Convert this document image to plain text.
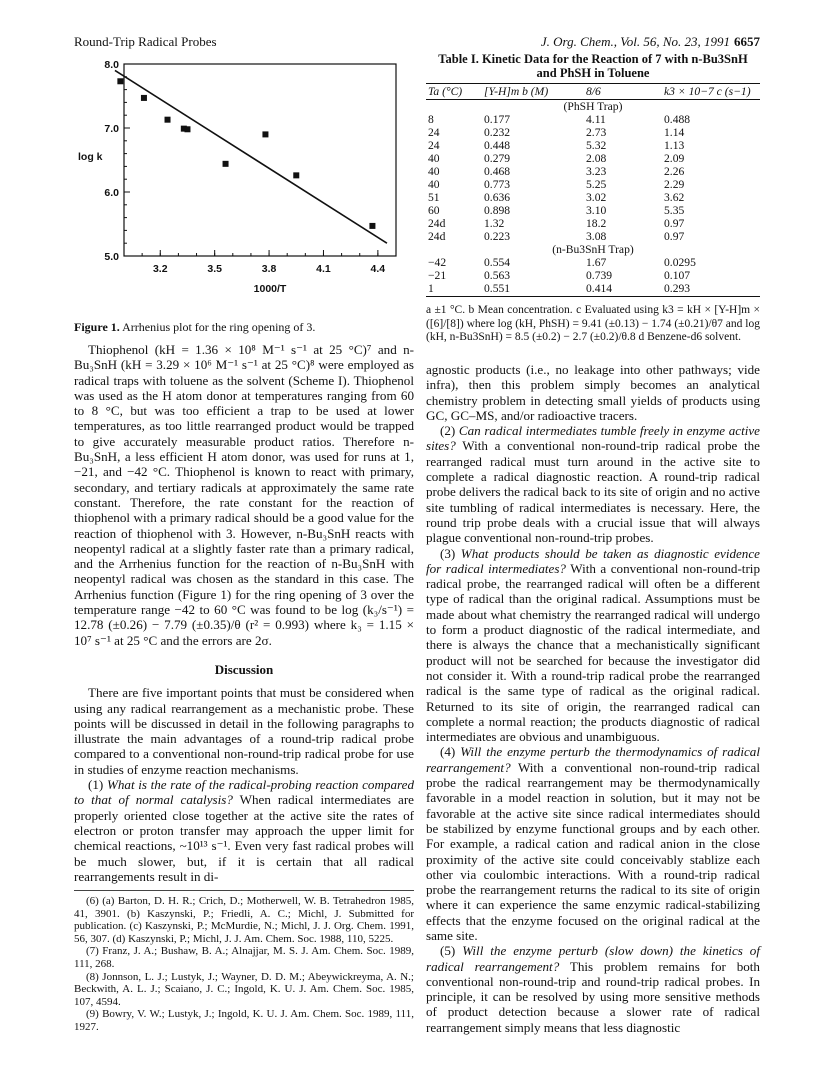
Round-Trip Radical Probes	J. Org. Chem., Vol. 56, No. 23, 1991 6657
5.0
6.0
7.0
8.0
3.2	3.5	3.8	4.1	4.4
1000/T
log k
Figure 1. Arrhenius plot for the ring opening of 3.
Table I. Kinetic Data for the Reaction of 7 with n-Bu3SnH
and PhSH in Toluene
Ta (°C)	[Y-H]m b (M)	8/6	k3 × 10−7 c (s−1)
(PhSH Trap)			
8	0.177	4.11	0.488
24	0.232	2.73	1.14
24	0.448	5.32	1.13
40	0.279	2.08	2.09
40	0.468	3.23	2.26
40	0.773	5.25	2.29
51	0.636	3.02	3.62
60	0.898	3.10	5.35
24d	1.32	18.2	0.97
24d	0.223	3.08	0.97
(n-Bu3SnH Trap)			
−42	0.554	1.67	0.0295
−21	0.563	0.739	0.107
1	0.551	0.414	0.293
a ±1 °C. b Mean concentration. c Evaluated using k3 = kH × [Y-H]m × ([6]/[8]) where log (kH, PhSH) = 9.41 (±0.13) − 1.74 (±0.21)/θ7 and log (kH, n-Bu3SnH) = 8.5 (±0.2) − 2.7 (±0.2)/θ.8 d Benzene-d6 solvent.

Thiophenol (kH = 1.36 × 10⁸ M⁻¹ s⁻¹ at 25 °C)⁷ and n-Bu₃SnH (kH = 3.29 × 10⁶ M⁻¹ s⁻¹ at 25 °C)⁸ were employed as radical traps with toluene as the solvent (Scheme I). Thiophenol was used as the H atom donor at temperatures ranging from 60 to 8 °C, but was too efficient a trap to be used at lower temperatures, as too little rearranged product would be trapped to give accurately measurable product ratios. Therefore n-Bu₃SnH, a less efficient H atom donor, was used for runs at 1, −21, and −42 °C. Thiophenol is known to react with primary, secondary, and tertiary radicals at approximately the same rate constant. Therefore, the rate constant for the reaction of thiophenol with a primary radical should be a good value for the reaction of thiophenol with 3. However, n-Bu₃SnH reacts with neopentyl radical at a slightly faster rate than a primary radical, and the Arrhenius function for the reaction of n-Bu₃SnH with neopentyl radical was chosen as the standard in this case. The Arrhenius function (Figure 1) for the ring opening of 3 over the temperature range −42 to 60 °C was found to be log (k₃/s⁻¹) = 12.78 (±0.26) − 7.79 (±0.35)/θ (r² = 0.993) where k₃ = 1.15 × 10⁷ s⁻¹ at 25 °C and the errors are 2σ.

Discussion

There are five important points that must be considered when using any radical rearrangement as a mechanistic probe. These points will be discussed in detail in the following paragraphs to illustrate the main advantages of a round-trip radical probe compared to a conventional non-round-trip radical probe for use in studies of enzyme reaction mechanisms.

(1) What is the rate of the radical-probing reaction compared to that of normal catalysis? When radical intermediates are properly oriented close together at the active site the rates of electron or proton transfer may approach the upper limit for chemical reactions, ~10¹³ s⁻¹. Even very fast radical probes will be much slower, but, if it is certain that all radical rearrangements result in di-

(6) (a) Barton, D. H. R.; Crich, D.; Motherwell, W. B. Tetrahedron 1985, 41, 3901. (b) Kaszynski, P.; Friedli, A. C.; Michl, J. Submitted for publication. (c) Kaszynski, P.; McMurdie, N.; Michl, J. J. Org. Chem. 1991, 56, 307. (d) Kaszynski, P.; Michl, J. J. Am. Chem. Soc. 1988, 110, 5225.

(7) Franz, J. A.; Bushaw, B. A.; Alnajjar, M. S. J. Am. Chem. Soc. 1989, 111, 268.

(8) Jonnson, L. J.; Lustyk, J.; Wayner, D. D. M.; Abeywickreyma, A. N.; Beckwith, A. L. J.; Scaiano, J. C.; Ingold, K. U. J. Am. Chem. Soc. 1985, 107, 4594.

(9) Bowry, V. W.; Lustyk, J.; Ingold, K. U. J. Am. Chem. Soc. 1989, 111, 1927.

agnostic products (i.e., no leakage into other pathways; vide infra), then this problem simply becomes an analytical chemistry problem in detecting small yields of products using GC, GC–MS, and/or radioactive tracers.

(2) Can radical intermediates tumble freely in enzyme active sites? With a conventional non-round-trip radical probe the rearranged radical must turn around in the active site to complete a radical diagnostic reaction. A round-trip radical probe delivers the radical back to its site of origin and no active site tumbling of radical intermediates is necessary. Here, the round trip probe deals with a crucial issue that will always plague conventional non-round-trip probes.

(3) What products should be taken as diagnostic evidence for radical intermediates? With a conventional non-round-trip radical probe, the rearranged radical will often be a different type of radical than the original radical. Assumptions must be made about what chemistry the rearranged radical will undergo to form a product diagnostic of the radical intermediate, and there is always the chance that a mechanistically significant product will not be searched for because the investigator did not consider it. With a round-trip radical probe the rearranged radical is the same type of radical as the original radical. Returned to its site of origin, the rearranged radical can complete a normal reaction; the products diagnostic of radical intermediates are obvious and unambiguous.

(4) Will the enzyme perturb the thermodynamics of radical rearrangement? With a conventional non-round-trip radical probe the radical rearrangement may be thermodynamically favorable in a model reaction in solution, but it may not be favorable at the active site since radical intermediates should be stabilized by enzyme functional groups and by each other. For example, a radical cation and radical anion in the close proximity of the active site could conceivably stablize each other via coulombic interactions. With a round-trip radical probe the rearrangement returns the radical to its site of origin where it can experience the same enzymic radical-stabilizing effects that the enzyme focused on the original radical at the same site.

(5) Will the enzyme perturb (slow down) the kinetics of radical rearrangement? This problem remains for both conventional non-round-trip and round-trip radical probes. In principle, it can be resolved by using more sensitive methods of product detection because a slower rate of radical rearrangement simply means that less diagnostic
